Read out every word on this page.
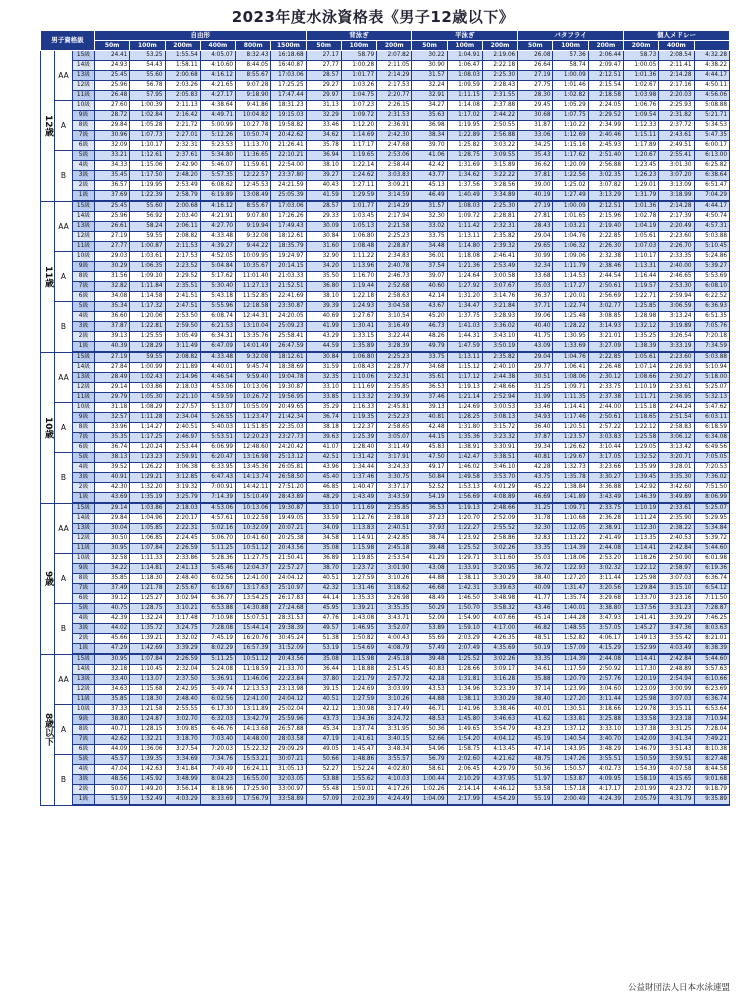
2023年度水泳資格表《男子12歳以下》
男子資格級			自由形						背泳ぎ			平泳ぎ			バタフライ			個人メドレー		
			50m	100m	200m	400m	800m	1500m	50m	100m	200m	50m	100m	200m	50m	100m	200m	200m	400m	
12歳	AA	15級	24.41	53.25	1:55.54	4:05.07	8:32.43	16:18.68	27.17	58.79	2:07.82	30.22	1:04.91	2:19.06	26.08	57.36	2:06.44	58.73	2:08.54	4:32.28
		14級	24.93	54.43	1:58.11	4:10.60	8:44.05	16:40.87	27.77	1:00.28	2:11.05	30.90	1:06.47	2:22.18	26.64	58.74	2:09.47	1:00.05	2:11.41	4:38.22
		13級	25.45	55.60	2:00.68	4:16.12	8:55.67	17:03.06	28.57	1:01.77	2:14.29	31.57	1:08.03	2:25.30	27.19	1:00.09	2:12.51	1:01.36	2:14.28	4:44.17
		12級	25.96	56.78	2:03.26	4:21.65	9:07.28	17:25.25	29.27	1:03.26	2:17.53	32.24	1:09.59	2:28.43	27.75	1:01.46	2:15.54	1:02.67	2:17.16	4:50.11
		11級	26.48	57.95	2:05.83	4:27.17	9:18.90	17:47.44	29.97	1:04.75	2:20.77	32.91	1:11.15	2:31.55	28.30	1:02.82	2:18.58	1:03.98	2:20.03	4:56.06
	A	10級	27.60	1:00.39	2:11.13	4:38.64	9:41.86	18:31.23	31.13	1:07.23	2:26.15	34.27	1:14.08	2:37.88	29.45	1:05.29	2:24.05	1:06.76	2:25.93	5:08.88
		9級	28.72	1:02.84	2:16.42	4:49.71	10:04.82	19:15.03	32.29	1:09.72	2:31.53	35.63	1:17.02	2:44.22	30.68	1:07.75	2:29.52	1:09.54	2:31.82	5:21.71
		8級	29.84	1:05.28	2:21.72	5:00.99	10:27.78	19:58.82	33.46	1:12.20	2:36.91	36.98	1:19.95	2:50.55	31.87	1:10.22	2:34.99	1:12.33	2:37.72	5:34.53
		7級	30.96	1:07.73	2:27.01	5:12.26	10:50.74	20:42.62	34.62	1:14.69	2:42.30	38.34	1:22.89	2:56.88	33.06	1:12.69	2:40.46	1:15.11	2:43.61	5:47.35
		6級	32.09	1:10.17	2:32.31	5:23.53	11:13.70	21:26.41	35.78	1:17.17	2:47.68	39.70	1:25.82	3:03.22	34.25	1:15.16	2:45.93	1:17.89	2:49.51	6:00.17
	B	5級	33.21	1:12.61	2:37.61	5:34.80	11:36.65	22:10.21	36.94	1:19.65	2:53.06	41.06	1:28.75	3:09.55	35.43	1:17.62	2:51.40	1:20.67	2:55.41	6:13.00
		4級	34.33	1:15.06	2:42.90	5:46.07	11:59.61	22:54.00	38.10	1:22.14	2:58.44	42.42	1:31.69	3:15.89	36.62	1:20.09	2:56.88	1:23.45	3:01.30	6:25.82
		3級	35.45	1:17.50	2:48.20	5:57.35	12:22.57	23:37.80	39.27	1:24.62	3:03.83	43.77	1:34.62	3:22.22	37.81	1:22.56	3:02.35	1:26.23	3:07.20	6:38.64
		2級	36.57	1:19.95	2:53.49	6:08.62	12:45.53	24:21.59	40.43	1:27.11	3:09.21	45.13	1:37.56	3:28.56	39.00	1:25.02	3:07.82	1:29.01	3:13.09	6:51.47
		1級	37.69	1:22.39	2:58.79	6:19.89	13:08.49	25:05.39	41.59	1:29.59	3:14.59	46.49	1:40.49	3:34.89	40.19	1:27.49	3:13.29	1:31.79	3:18.99	7:04.29
11歳	AA	15級	25.45	55.60	2:00.68	4:16.12	8:55.67	17:03.06	28.57	1:01.77	2:14.29	31.57	1:08.03	2:25.30	27.19	1:00.09	2:12.51	1:01.36	2:14.28	4:44.17
		14級	25.96	56.92	2:03.40	4:21.91	9:07.80	17:26.26	29.33	1:03.45	2:17.94	32.30	1:09.72	2:28.81	27.81	1:01.65	2:15.96	1:02.78	2:17.39	4:50.74
		13級	26.61	58.24	2:06.11	4:27.70	9:19.94	17:49.43	30.09	1:05.13	2:21.58	33.02	1:11.42	2:32.31	28.43	1:03.21	2:19.40	1:04.19	2:20.49	4:57.31
		12級	27.19	59.55	2:08.82	4:33.48	9:32.08	18:12.61	30.84	1:06.80	2:25.23	33.75	1:13.11	2:35.82	29.04	1:04.76	2:22.85	1:05.61	2:23.60	5:03.88
		11級	27.77	1:00.87	2:11.53	4:39.27	9:44.22	18:35.79	31.60	1:08.48	2:28.87	34.48	1:14.80	2:39.32	29.65	1:06.32	2:26.30	1:07.03	2:26.70	5:10.45
	A	10級	29.03	1:03.61	2:17.53	4:52.05	10:09.95	19:24.97	32.90	1:11.22	2:34.83	36.01	1:18.08	2:46.41	30.99	1:09.06	2:32.38	1:10.17	2:33.35	5:24.86
		9級	30.29	1:06.35	2:23.52	5:04.84	10:35.67	20:14.15	34.20	1:13.96	2:40.78	37.54	1:21.36	2:53.49	32.34	1:11.79	2:38.46	1:13.31	2:40.00	5:39.27
		8級	31.56	1:09.10	2:29.52	5:17.62	11:01.40	21:03.33	35.50	1:16.70	2:46.73	39.07	1:24.64	3:00.58	33.68	1:14.53	2:44.54	1:16.44	2:46.65	5:53.69
		7級	32.82	1:11.84	2:35.51	5:30.40	11:27.13	21:52.51	36.80	1:19.44	2:52.68	40.60	1:27.92	3:07.67	35.03	1:17.27	2:50.61	1:19.57	2:53.30	6:08.10
		6級	34.08	1:14.58	2:41.51	5:43.18	11:52.85	22:41.69	38.10	1:22.18	2:58.63	42.14	1:31.20	3:14.76	36.37	1:20.01	2:56.69	1:22.71	2:59.94	6:22.52
	B	5級	35.34	1:17.32	2:47.51	5:55.96	12:18.58	23:30.87	39.39	1:24.93	3:04.58	43.67	1:34.47	3:21.84	37.71	1:22.74	3:02.77	1:25.85	3:06.59	6:36.93
		4級	36.60	1:20.06	2:53.50	6:08.74	12:44.31	24:20.05	40.69	1:27.67	3:10.54	45.20	1:37.75	3:28.93	39.06	1:25.48	3:08.85	1:28.98	3:13.24	6:51.35
		3級	37.87	1:22.81	2:59.50	6:21.53	13:10.04	25:09.23	41.99	1:30.41	3:16.49	46.73	1:41.03	3:36.02	40.40	1:28.22	3:14.93	1:32.12	3:19.89	7:05.76
		2級	39.13	1:25.55	3:05.49	6:34.31	13:35.76	25:58.41	43.29	1:33.15	3:22.44	48.26	1:44.31	3:43.10	41.75	1:30.95	3:21.01	1:35.25	3:26.54	7:20.18
		1級	40.39	1:28.29	3:11.49	6:47.09	14:01.49	26:47.59	44.59	1:35.89	3:28.39	49.79	1:47.59	3:50.19	43.09	1:33.69	3:27.09	1:38.39	3:33.19	7:34.59
10歳	AA	15級	27.19	59.55	2:08.82	4:33.48	9:32.08	18:12.61	30.84	1:06.80	2:25.23	33.75	1:13.11	2:35.82	29.04	1:04.76	2:22.85	1:05.61	2:23.60	5:03.88
		14級	27.84	1:00.99	2:11.89	4:40.01	9:45.74	18:38.69	31.59	1:08.43	2:28.77	34.68	1:15.12	2:40.10	29.77	1:06.41	2:26.48	1:07.14	2:26.93	5:10.94
		13級	28.49	1:02.43	2:14.96	4:46.54	9:59.40	19:04.78	32.35	1:10.06	2:32.31	35.61	1:17.12	2:44.38	30.51	1:08.06	2:30.12	1:08.66	2:30.27	5:18.00
		12級	29.14	1:03.86	2:18.03	4:53.06	10:13.06	19:30.87	33.10	1:11.69	2:35.85	36.53	1:19.13	2:48.66	31.25	1:09.71	2:33.75	1:10.19	2:33.61	5:25.07
		11級	29.79	1:05.30	2:21.10	4:59.59	10:26.72	19:56.95	33.85	1:13.32	2:39.39	37.46	1:21.14	2:52.94	31.99	1:11.35	2:37.38	1:11.71	2:36.95	5:32.13
	A	10級	31.18	1:08.29	2:27.57	5:13.07	10:55.09	20:49.65	35.29	1:16.33	2:45.81	39.13	1:24.69	3:00.53	33.46	1:14.41	2:44.00	1:15.18	2:44.24	5:47.62
		9級	32.57	1:11.28	2:34.04	5:26.55	11:23.47	21:42.34	36.74	1:19.35	2:52.23	40.81	1:28.25	3:08.13	34.93	1:17.46	2:50.61	1:18.65	2:51.54	6:03.11
		8級	33.96	1:14.27	2:40.51	5:40.03	11:51.85	22:35.03	38.18	1:22.37	2:58.65	42.48	1:31.80	3:15.72	36.40	1:20.51	2:57.22	1:22.12	2:58.83	6:18.59
		7級	35.35	1:17.25	2:46.97	5:53.51	12:20.23	23:27.73	39.63	1:25.39	3:05.07	44.15	1:35.36	3:23.32	37.87	1:23.57	3:03.83	1:25.58	3:06.12	6:34.08
		6級	36.74	1:20.24	2:53.44	6:06.99	12:48.60	24:20.42	41.07	1:28.40	3:11.49	45.83	1:38.91	3:30.91	39.34	1:26.62	3:10.44	1:29.05	3:13.42	6:49.56
	B	5級	38.13	1:23.23	2:59.91	6:20.47	13:16.98	25:13.12	42.51	1:31.42	3:17.91	47.50	1:42.47	3:38.51	40.81	1:29.67	3:17.05	1:32.52	3:20.71	7:05.05
		4級	39.52	1:26.22	3:06.38	6:33.95	13:45.36	26:05.81	43.96	1:34.44	3:24.33	49.17	1:46.02	3:46.10	42.28	1:32.73	3:23.66	1:35.99	3:28.01	7:20.53
		3級	40.91	1:29.21	3:12.85	6:47.43	14:13.74	26:58.50	45.40	1:37.46	3:30.75	50.84	1:49.58	3:53.70	43.75	1:35.78	3:30.27	1:39.45	3:35.30	7:36.02
		2級	42.30	1:32.20	3:19.32	7:00.91	14:42.11	27:51.20	46.85	1:40.47	3:37.17	52.52	1:53.13	4:01.29	45.22	1:38.84	3:36.88	1:42.92	3:42.60	7:51.50
		1級	43.69	1:35.19	3:25.79	7:14.39	15:10.49	28:43.89	48.29	1:43.49	3:43.59	54.19	1:56.69	4:08.89	46.69	1:41.89	3:43.49	1:46.39	3:49.89	8:06.99
9歳	AA	15級	29.14	1:03.86	2:18.03	4:53.06	10:13.06	19:30.87	33.10	1:11.69	2:35.85	36.53	1:19.13	2:48.66	31.25	1:09.71	2:33.75	1:10.19	2:33.61	5:25.07
		14級	29.84	1:04.96	2:20.17	4:57.61	10:22.58	19:49.05	33.59	1:12.76	2:38.18	37.23	1:20.70	2:52.09	31.78	1:10.68	2:36.28	1:11.24	2:35.90	5:29.95
		13級	30.04	1:05.85	2:22.31	5:02.16	10:32.09	20:07.21	34.09	1:13.83	2:40.51	37.93	1:22.27	2:55.52	32.30	1:12.05	2:38.91	1:12.30	2:38.22	5:34.84
		12級	30.50	1:06.85	2:24.45	5:06.70	10:41.60	20:25.38	34.58	1:14.91	2:42.85	38.74	1:23.92	2:58.86	32.83	1:13.22	2:41.49	1:13.35	2:40.53	5:39.72
		11級	30.95	1:07.84	2:26.59	5:11.25	10:51.12	20:43.56	35.08	1:15.98	2:45.18	39.48	1:25.52	3:02.26	33.35	1:14.39	2:44.08	1:14.41	2:42.84	5:44.60
	A	10級	32.58	1:11.33	2:33.86	5:28.36	11:27.75	21:50.41	36.89	1:19.85	2:53.54	41.29	1:29.71	3:11.60	35.03	1:18.06	2:53.20	1:18.26	2:50.90	6:01.98
		9級	34.22	1:14.81	2:41.13	5:45.46	12:04.37	22:57.27	38.70	1:23.72	3:01.90	43.08	1:33.91	3:20.95	36.72	1:22.93	3:02.32	1:22.12	2:58.97	6:19.36
		8級	35.85	1:18.30	2:48.40	6:02.56	12:41.00	24:04.12	40.51	1:27.59	3:10.26	44.88	1:38.11	3:30.29	38.40	1:27.20	3:11.44	1:25.98	3:07.03	6:36.74
		7級	37.49	1:21.78	2:55.67	6:19.67	13:17.63	25:10.97	42.32	1:31.46	3:18.62	46.68	1:42.31	3:39.63	40.09	1:31.47	3:20.56	1:29.84	3:15.10	6:54.12
		6級	39.12	1:25.27	3:02.94	6:36.77	13:54.25	26:17.83	44.14	1:35.33	3:26.98	48.49	1:46.50	3:48.98	41.77	1:35.74	3:29.68	1:33.70	3:23.16	7:11.50
	B	5級	40.75	1:28.75	3:10.21	6:53.88	14:30.88	27:24.68	45.95	1:39.21	3:35.35	50.29	1:50.70	3:58.32	43.46	1:40.01	3:38.80	1:37.56	3:31.23	7:28.87
		4級	42.39	1:32.24	3:17.48	7:10.98	15:07.51	28:31.53	47.76	1:43.08	3:43.71	52.09	1:54.90	4:07.66	45.14	1:44.28	3:47.93	1:41.41	3:39.29	7:46.25
		3級	44.02	1:35.72	3:24.75	7:28.08	15:44.14	29:38.39	49.57	1:46.95	3:52.07	53.89	1:59.10	4:17.00	46.82	1:48.55	3:57.05	1:45.27	3:47.36	8:03.63
		2級	45.66	1:39.21	3:32.02	7:45.19	16:20.76	30:45.24	51.38	1:50.82	4:00.43	55.69	2:03.29	4:26.35	48.51	1:52.82	4:06.17	1:49.13	3:55.42	8:21.01
		1級	47.29	1:42.69	3:39.29	8:02.29	16:57.39	31:52.09	53.19	1:54.69	4:08.79	57.49	2:07.49	4:35.69	50.19	1:57.09	4:15.29	1:52.99	4:03.49	8:38.39
8歳以下	AA	15級	30.95	1:07.84	2:26.59	5:11.25	10:51.12	20:43.56	35.08	1:15.98	2:45.18	39.48	1:25.52	3:02.26	33.35	1:14.39	2:44.08	1:14.41	2:42.84	5:44.60
		14級	32.18	1:10.45	2:32.04	5:24.08	11:18.59	21:33.70	36.44	1:18.88	2:51.45	40.83	1:28.66	3:09.17	34.61	1:17.59	2:50.92	1:17.30	2:48.89	5:57.63
		13級	33.40	1:13.07	2:37.50	5:36.91	11:46.06	22:23.84	37.80	1:21.79	2:57.72	42.18	1:31.81	3:16.28	35.88	1:20.79	2:57.76	1:20.19	2:54.94	6:10.66
		12級	34.63	1:15.68	2:42.95	5:49.74	12:13.53	23:13.98	39.15	1:24.69	3:03.99	43.53	1:34.96	3:23.39	37.14	1:23.99	3:04.60	1:23.09	3:00.99	6:23.69
		11級	35.85	1:18.30	2:48.40	6:02.56	12:41.00	24:04.12	40.51	1:27.59	3:10.26	44.88	1:38.11	3:30.29	38.40	1:27.20	3:11.44	1:25.98	3:07.03	6:36.74
	A	10級	37.33	1:21.58	2:55.55	6:17.30	13:11.89	25:02.04	42.12	1:30.98	3:17.49	46.71	1:41.96	3:38.46	40.01	1:30.51	3:18.66	1:29.78	3:15.11	6:53.64
		9級	38.80	1:24.87	3:02.70	6:32.03	13:42.79	25:59.96	43.73	1:34.36	3:24.72	48.53	1:45.80	3:46.63	41.62	1:33.81	3:25.88	1:33.58	3:23.18	7:10.94
		8級	40.71	1:28.15	3:09.85	6:46.76	14:13.68	26:57.88	45.34	1:37.74	3:31.95	50.36	1:49.65	3:54.79	43.23	1:37.12	3:33.10	1:37.38	3:31.25	7:28.04
		7級	42.62	1:32.21	3:18.70	7:03.40	14:48.00	28:03.58	47.19	1:41.61	3:40.15	52.66	1:54.20	4:04.12	45.19	1:40.54	3:40.70	1:42.09	3:41.34	7:49.21
		6級	44.09	1:36.06	3:27.54	7:20.03	15:22.32	29:09.29	49.05	1:45.47	3:48.34	54.96	1:58.75	4:13.45	47.14	1:43.95	3:48.29	1:46.79	3:51.43	8:10.38
	B	5級	45.57	1:39.35	3:34.69	7:34.76	15:53.21	30:07.21	50.66	1:48.86	3:55.57	56.79	2:02.60	4:21.62	48.75	1:47.26	3:55.51	1:50.59	3:59.51	8:27.48
		4級	47.04	1:42.63	3:41.84	7:49.49	16:24.11	31:05.13	52.27	1:52.24	4:02.80	58.61	2:06.45	4:29.79	50.36	1:50.57	4:02.73	1:54.39	4:07.58	8:44.58
		3級	48.56	1:45.92	3:48.99	8:04.23	16:55.00	32:03.05	53.88	1:55.62	4:10.03	1:00.44	2:10.29	4:37.95	51.97	1:53.87	4:09.95	1:58.19	4:15.65	9:01.68
		2級	50.07	1:49.20	3:56.14	8:18.96	17:25.90	33:00.97	55.48	1:59.01	4:17.26	1:02.26	2:14.14	4:46.12	53.58	1:57.18	4:17.17	2:01.99	4:23.72	9:18.79
		1級	51.59	1:52.49	4:03.29	8:33.69	17:56.79	33:58.89	57.09	2:02.39	4:24.49	1:04.09	2:17.99	4:54.29	55.19	2:00.49	4:24.39	2:05.79	4:31.79	9:35.89
公益財団法人日本水泳連盟
